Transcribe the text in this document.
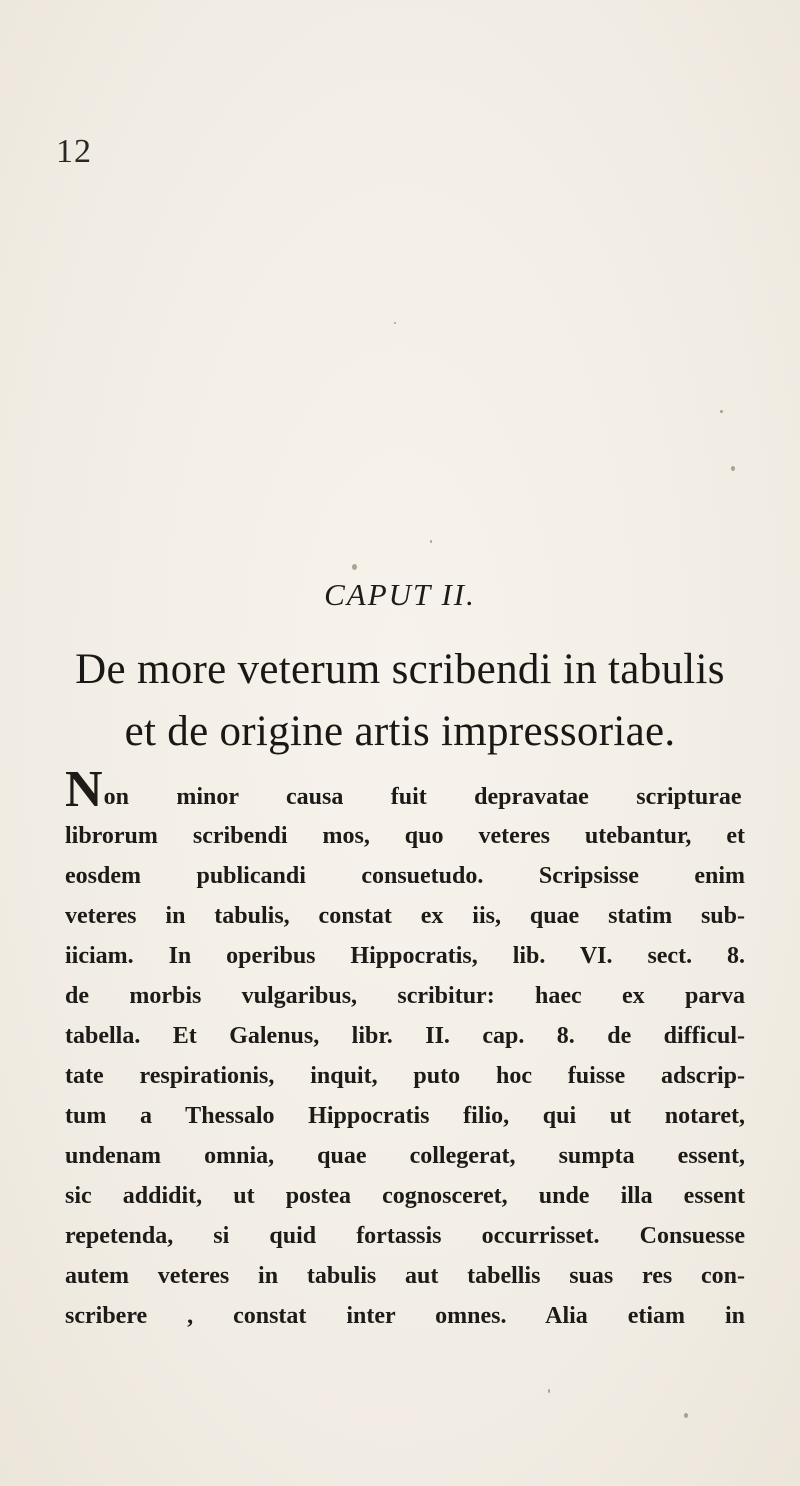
12
CAPUT II.
De more veterum scribendi in tabulis
et de origine artis impressoriae.
Non minor causa fuit depravatae scripturae
librorum scribendi mos, quo veteres utebantur, et
eosdem publicandi consuetudo. Scripsisse enim
veteres in tabulis, constat ex iis, quae statim sub-
iiciam. In operibus Hippocratis, lib. VI. sect. 8.
de morbis vulgaribus, scribitur: haec ex parva
tabella. Et Galenus, libr. II. cap. 8. de difficul-
tate respirationis, inquit, puto hoc fuisse adscrip-
tum a Thessalo Hippocratis filio, qui ut notaret,
undenam omnia, quae collegerat, sumpta essent,
sic addidit, ut postea cognosceret, unde illa essent
repetenda, si quid fortassis occurrisset. Consuesse
autem veteres in tabulis aut tabellis suas res con-
scribere , constat inter omnes. Alia etiam in
